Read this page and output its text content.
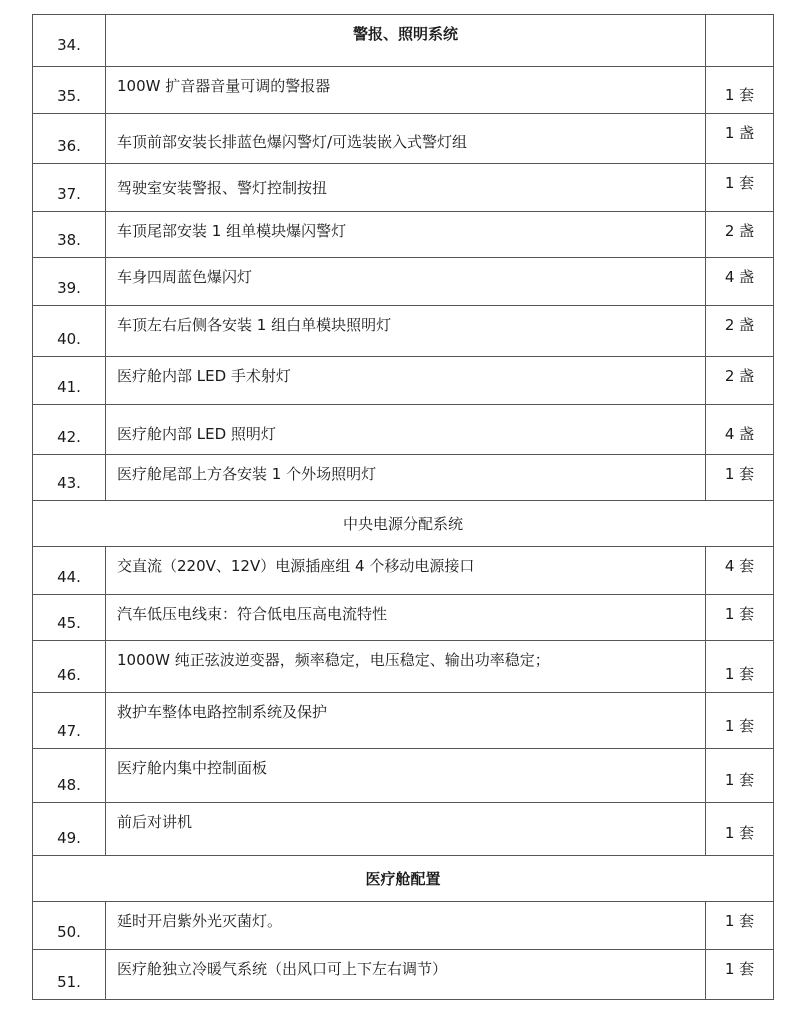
34.	警报、照明系统	
35.	100W 扩音器音量可调的警报器	1 套
36.	车顶前部安装长排蓝色爆闪警灯/可选装嵌入式警灯组	1 盏
37.	驾驶室安装警报、警灯控制按扭	1 套
38.	车顶尾部安装 1 组单模块爆闪警灯	2 盏
39.	车身四周蓝色爆闪灯	4 盏
40.	车顶左右后侧各安装 1 组白单模块照明灯	2 盏
41.	医疗舱内部 LED 手术射灯	2 盏
42.	医疗舱内部 LED 照明灯	4 盏
43.	医疗舱尾部上方各安装 1 个外场照明灯	1 套
中央电源分配系统		
44.	交直流（220V、12V）电源插座组 4 个移动电源接口	4 套
45.	汽车低压电线束：符合低电压高电流特性	1 套
46.	1000W 纯正弦波逆变器，频率稳定，电压稳定、输出功率稳定；	1 套
47.	救护车整体电路控制系统及保护	1 套
48.	医疗舱内集中控制面板	1 套
49.	前后对讲机	1 套
医疗舱配置		
50.	延时开启紫外光灭菌灯。	1 套
51.	医疗舱独立冷暖气系统（出风口可上下左右调节）	1 套
